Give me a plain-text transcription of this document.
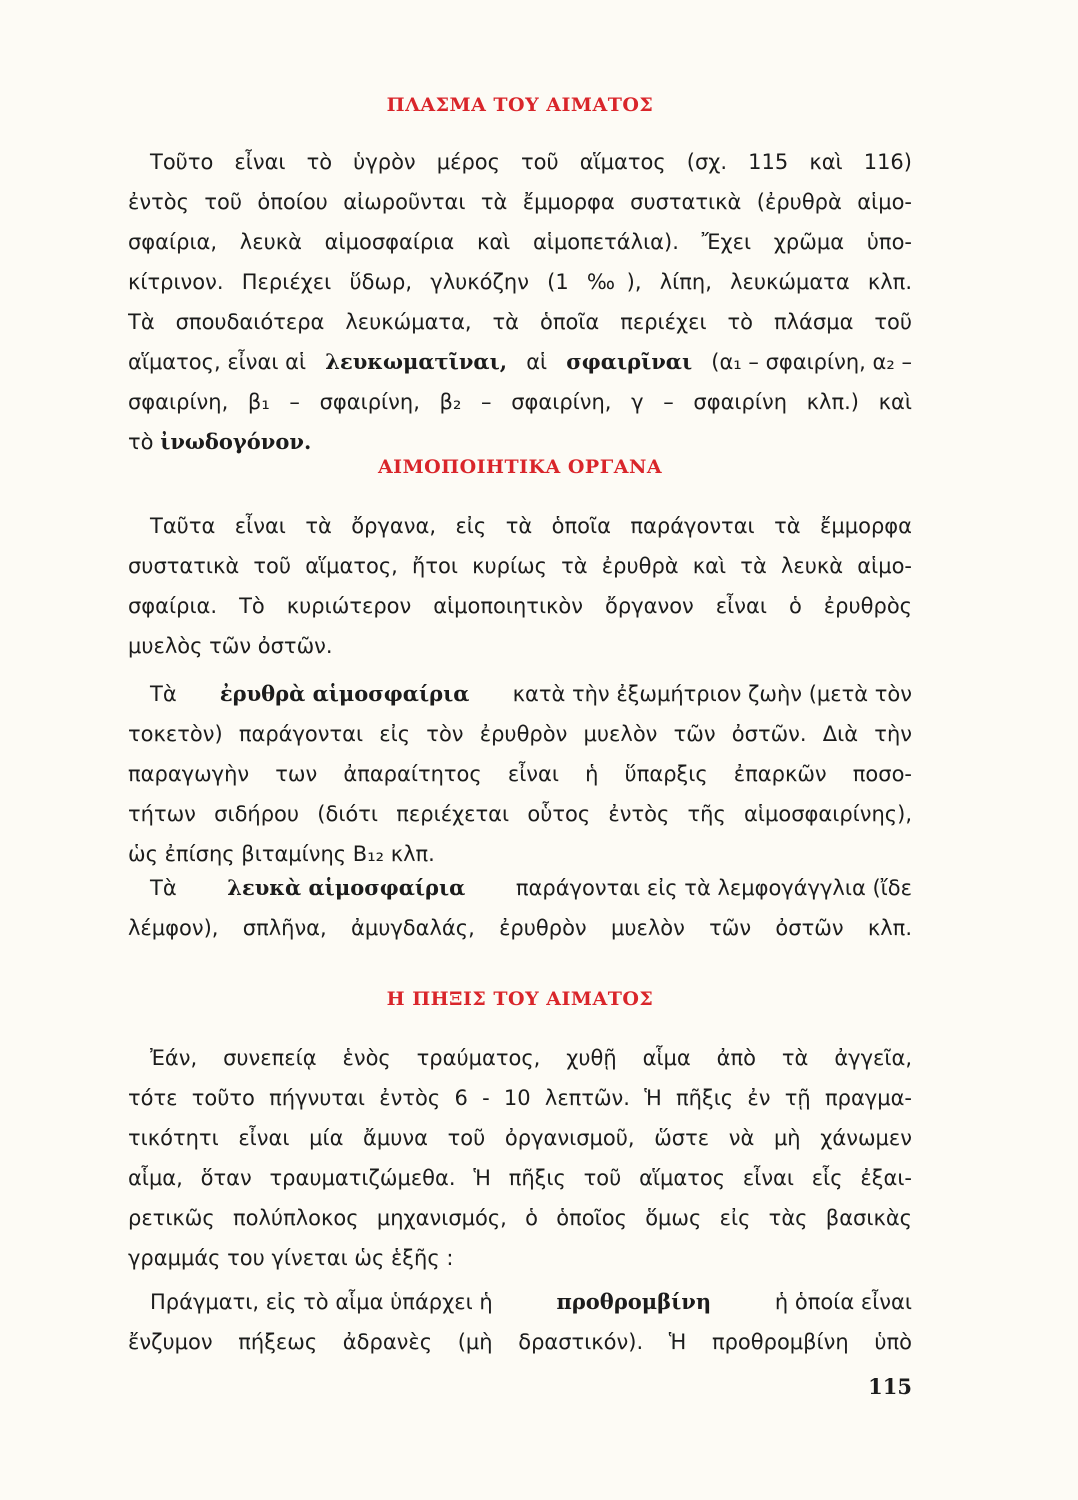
ΠΛΑΣΜΑ ΤΟΥ ΑΙΜΑΤΟΣ
Τοῦτο εἶναι τὸ ὑγρὸν μέρος τοῦ αἵματος (σχ. 115 καὶ 116)
ἐντὸς τοῦ ὁποίου αἰωροῦνται τὰ ἔμμορφα συστατικὰ (ἐρυθρὰ αἱμο-
σφαίρια, λευκὰ αἱμοσφαίρια καὶ αἱμοπετάλια). Ἔχει χρῶμα ὑπο-
κίτρινον. Περιέχει ὕδωρ, γλυκόζην (1 ‰), λίπη, λευκώματα κλπ.
Τὰ σπουδαιότερα λευκώματα, τὰ ὁποῖα περιέχει τὸ πλάσμα τοῦ
αἵματος, εἶναι αἱ λευκωματῖναι, αἱ σφαιρῖναι (α₁ – σφαιρίνη, α₂ –
σφαιρίνη, β₁ – σφαιρίνη, β₂ – σφαιρίνη, γ – σφαιρίνη κλπ.) καὶ
τὸ ἰνωδογόνον.
ΑΙΜΟΠΟΙΗΤΙΚΑ ΟΡΓΑΝΑ
Ταῦτα εἶναι τὰ ὄργανα, εἰς τὰ ὁποῖα παράγονται τὰ ἔμμορφα
συστατικὰ τοῦ αἵματος, ἤτοι κυρίως τὰ ἐρυθρὰ καὶ τὰ λευκὰ αἱμο-
σφαίρια. Τὸ κυριώτερον αἱμοποιητικὸν ὄργανον εἶναι ὁ ἐρυθρὸς
μυελὸς τῶν ὀστῶν.
Τὰ ἐρυθρὰ αἱμοσφαίρια κατὰ τὴν ἐξωμήτριον ζωὴν (μετὰ τὸν
τοκετὸν) παράγονται εἰς τὸν ἐρυθρὸν μυελὸν τῶν ὀστῶν. Διὰ τὴν
παραγωγὴν των ἀπαραίτητος εἶναι ἡ ὕπαρξις ἐπαρκῶν ποσο-
τήτων σιδήρου (διότι περιέχεται οὗτος ἐντὸς τῆς αἱμοσφαιρίνης),
ὡς ἐπίσης βιταμίνης B₁₂ κλπ.
Τὰ λευκὰ αἱμοσφαίρια παράγονται εἰς τὰ λεμφογάγγλια (ἴδε
λέμφον), σπλῆνα, ἀμυγδαλάς, ἐρυθρὸν μυελὸν τῶν ὀστῶν κλπ.
Η ΠΗΞΙΣ ΤΟΥ ΑΙΜΑΤΟΣ
Ἐάν, συνεπείᾳ ἑνὸς τραύματος, χυθῇ αἷμα ἀπὸ τὰ ἀγγεῖα,
τότε τοῦτο πήγνυται ἐντὸς 6 - 10 λεπτῶν. Ἡ πῆξις ἐν τῇ πραγμα-
τικότητι εἶναι μία ἄμυνα τοῦ ὀργανισμοῦ, ὥστε νὰ μὴ χάνωμεν
αἷμα, ὅταν τραυματιζώμεθα. Ἡ πῆξις τοῦ αἵματος εἶναι εἷς ἐξαι-
ρετικῶς πολύπλοκος μηχανισμός, ὁ ὁποῖος ὅμως εἰς τὰς βασικὰς
γραμμάς του γίνεται ὡς ἑξῆς :
Πράγματι, εἰς τὸ αἷμα ὑπάρχει ἡ	προθρομβίνη	ἡ ὁποία εἶναι
ἔνζυμον πήξεως ἀδρανὲς (μὴ δραστικόν). Ἡ προθρομβίνη ὑπὸ
115
